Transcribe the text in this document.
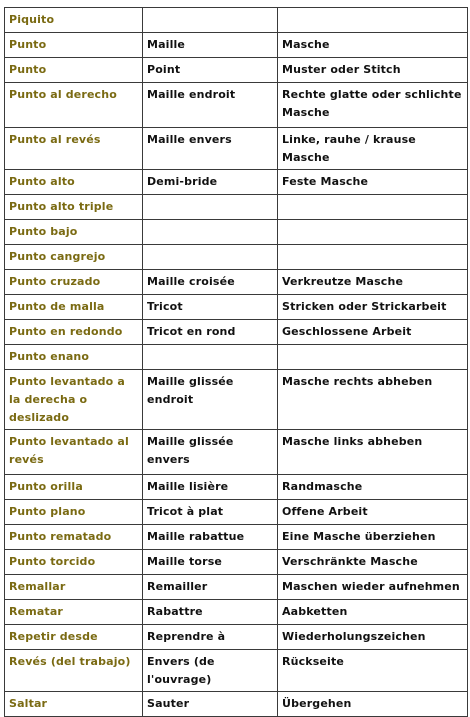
Piquito		
Punto	Maille	Masche
Punto	Point	Muster oder Stitch
Punto al derecho	Maille endroit	Rechte glatte oder schlichte Masche
Punto al revés	Maille envers	Linke, rauhe / krause Masche
Punto alto	Demi-bride	Feste Masche
Punto alto triple		
Punto bajo		
Punto cangrejo		
Punto cruzado	Maille croisée	Verkreutze Masche
Punto de malla	Tricot	Stricken oder Strickarbeit
Punto en redondo	Tricot en rond	Geschlossene Arbeit
Punto enano		
Punto levantado a la derecha o deslizado	Maille glissée endroit	Masche rechts abheben
Punto levantado al revés	Maille glissée envers	Masche links abheben
Punto orilla	Maille lisière	Randmasche
Punto plano	Tricot à plat	Offene Arbeit
Punto rematado	Maille rabattue	Eine Masche überziehen
Punto torcido	Maille torse	Verschränkte Masche
Remallar	Remailler	Maschen wieder aufnehmen
Rematar	Rabattre	Aabketten
Repetir desde	Reprendre à	Wiederholungszeichen
Revés (del trabajo)	Envers (de l'ouvrage)	Rückseite
Saltar	Sauter	Übergehen
